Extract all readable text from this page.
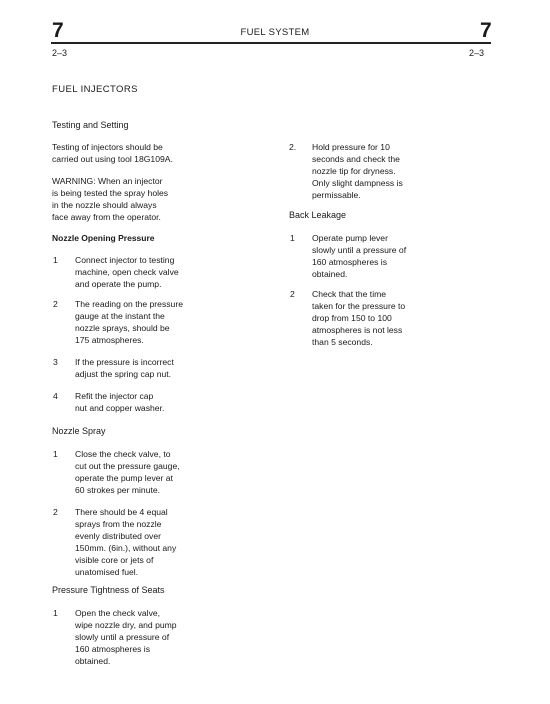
7	FUEL SYSTEM	7
2–3	2–3
FUEL INJECTORS
Testing and Setting
Testing of injectors should be
carried out using tool 18G109A.
WARNING: When an injector
is being tested the spray holes
in the nozzle should always
face away from the operator.
Nozzle Opening Pressure
1 Connect injector to testing
machine, open check valve
and operate the pump.
2 The reading on the pressure
gauge at the instant the
nozzle sprays, should be
175 atmospheres.
3 If the pressure is incorrect
adjust the spring cap nut.
4 Refit the injector cap
nut and copper washer.
Nozzle Spray
1 Close the check valve, to
cut out the pressure gauge,
operate the pump lever at
60 strokes per minute.
2 There should be 4 equal
sprays from the nozzle
evenly distributed over
150mm. (6in.), without any
visible core or jets of
unatomised fuel.
Pressure Tightness of Seats
1 Open the check valve,
wipe nozzle dry, and pump
slowly until a pressure of
160 atmospheres is
obtained.
2. Hold pressure for 10
seconds and check the
nozzle tip for dryness.
Only slight dampness is
permissable.
Back Leakage
1 Operate pump lever
slowly until a pressure of
160 atmospheres is
obtained.
2 Check that the time
taken for the pressure to
drop from 150 to 100
atmospheres is not less
than 5 seconds.
